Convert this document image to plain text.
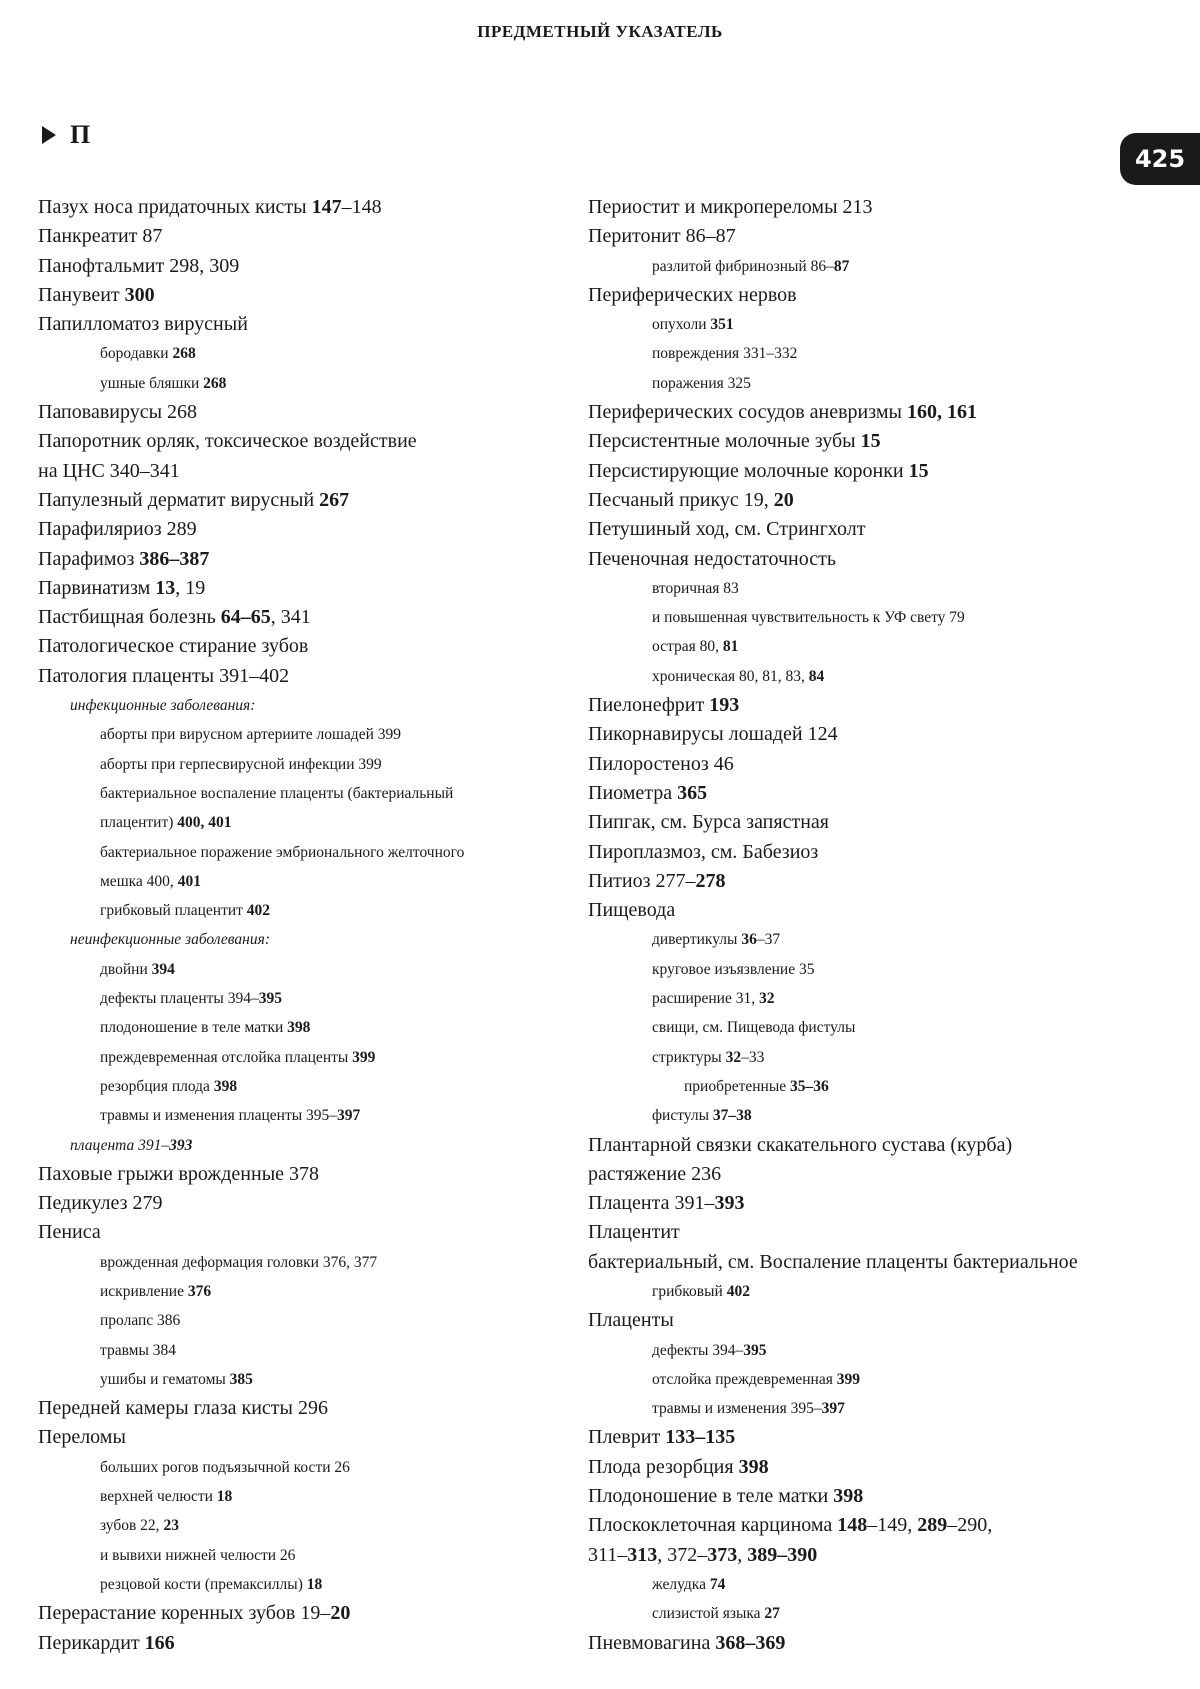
ПРЕДМЕТНЫЙ УКАЗАТЕЛЬ
П
425
Пазух носа придаточных кисты 147–148
Панкреатит 87
Панофтальмит 298, 309
Панувеит 300
Папилломатоз вирусный
бородавки 268
ушные бляшки 268
Паповавирусы 268
Папоротник орляк, токсическое воздействие
на ЦНС 340–341
Папулезный дерматит вирусный 267
Парафиляриоз 289
Парафимоз 386–387
Парвинатизм 13, 19
Пастбищная болезнь 64–65, 341
Патологическое стирание зубов
Патология плаценты 391–402
инфекционные заболевания:
аборты при вирусном артериите лошадей 399
аборты при герпесвирусной инфекции 399
бактериальное воспаление плаценты (бактериальный
плацентит) 400, 401
бактериальное поражение эмбрионального желточного
мешка 400, 401
грибковый плацентит 402
неинфекционные заболевания:
двойни 394
дефекты плаценты 394–395
плодоношение в теле матки 398
преждевременная отслойка плаценты 399
резорбция плода 398
травмы и изменения плаценты 395–397
плацента 391–393
Паховые грыжи врожденные 378
Педикулез 279
Пениса
врожденная деформация головки 376, 377
искривление 376
пролапс 386
травмы 384
ушибы и гематомы 385
Передней камеры глаза кисты 296
Переломы
больших рогов подъязычной кости 26
верхней челюсти 18
зубов 22, 23
и вывихи нижней челюсти 26
резцовой кости (премаксиллы) 18
Перерастание коренных зубов 19–20
Перикардит 166
Периостит и микропереломы 213
Перитонит 86–87
разлитой фибринозный 86–87
Периферических нервов
опухоли 351
повреждения 331–332
поражения 325
Периферических сосудов аневризмы 160, 161
Персистентные молочные зубы 15
Персистирующие молочные коронки 15
Песчаный прикус 19, 20
Петушиный ход, см. Стрингхолт
Печеночная недостаточность
вторичная 83
и повышенная чувствительность к УФ свету 79
острая 80, 81
хроническая 80, 81, 83, 84
Пиелонефрит 193
Пикорнавирусы лошадей 124
Пилоростеноз 46
Пиометра 365
Пипгак, см. Бурса запястная
Пироплазмоз, см. Бабезиоз
Питиоз 277–278
Пищевода
дивертикулы 36–37
круговое изъязвление 35
расширение 31, 32
свищи, см. Пищевода фистулы
стриктуры 32–33
приобретенные 35–36
фистулы 37–38
Плантарной связки скакательного сустава (курба)
растяжение 236
Плацента 391–393
Плацентит
бактериальный, см. Воспаление плаценты бактериальное
грибковый 402
Плаценты
дефекты 394–395
отслойка преждевременная 399
травмы и изменения 395–397
Плеврит 133–135
Плода резорбция 398
Плодоношение в теле матки 398
Плоскоклеточная карцинома 148–149, 289–290,
311–313, 372–373, 389–390
желудка 74
слизистой языка 27
Пневмовагина 368–369
